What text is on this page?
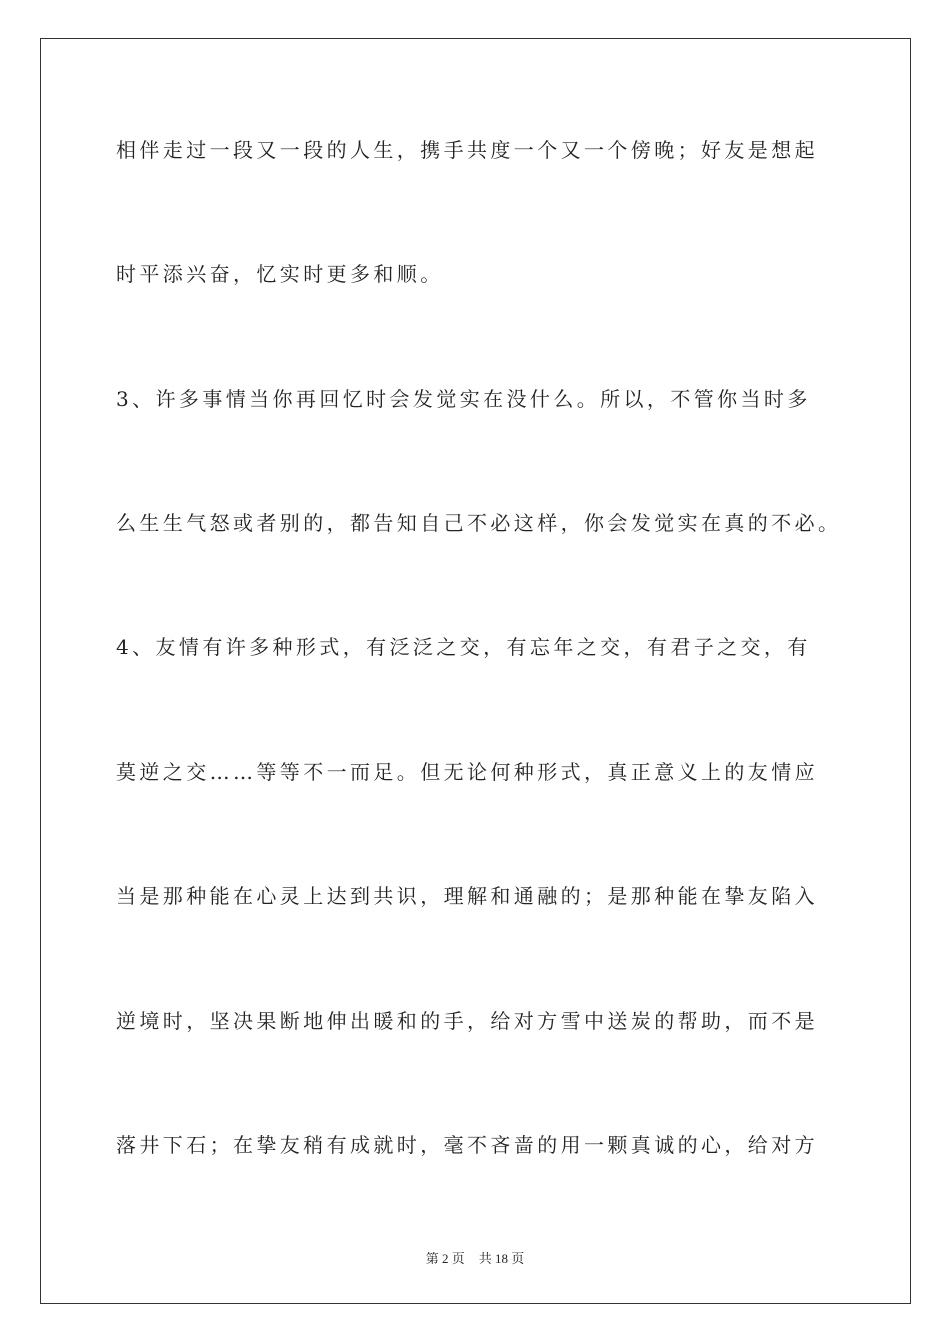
相伴走过一段又一段的人生，携手共度一个又一个傍晚；好友是想起

时平添兴奋，忆实时更多和顺。

3、许多事情当你再回忆时会发觉实在没什么。所以，不管你当时多

么生生气怒或者别的，都告知自己不必这样，你会发觉实在真的不必。

4、友情有许多种形式，有泛泛之交，有忘年之交，有君子之交，有

莫逆之交……等等不一而足。但无论何种形式，真正意义上的友情应

当是那种能在心灵上达到共识，理解和通融的；是那种能在挚友陷入

逆境时，坚决果断地伸出暖和的手，给对方雪中送炭的帮助，而不是

落井下石；在挚友稍有成就时，毫不吝啬的用一颗真诚的心，给对方

第 2 页 共 18 页
